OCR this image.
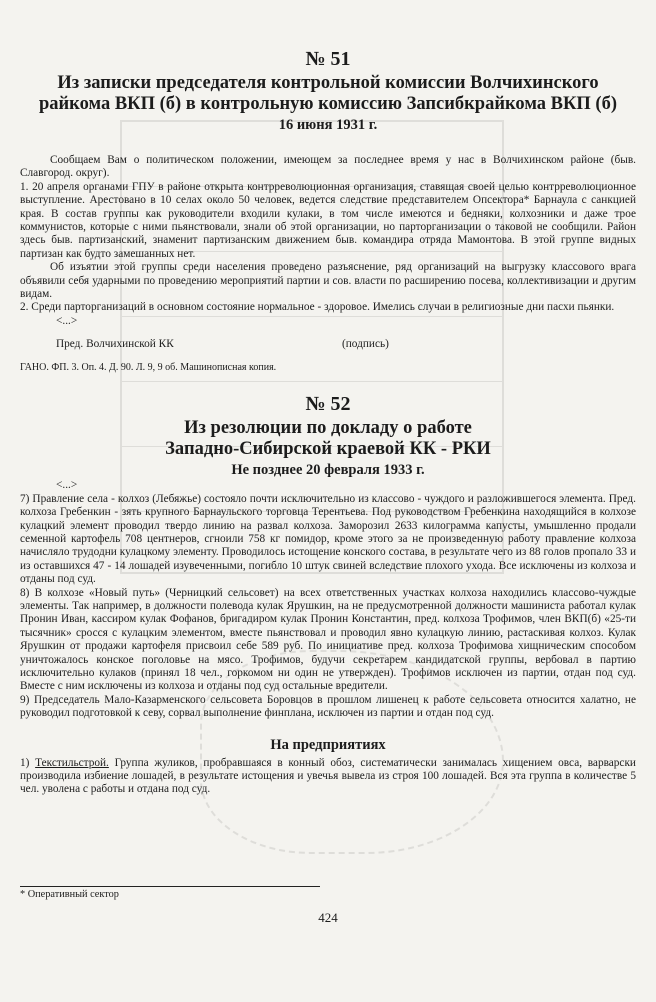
№ 51
Из записки председателя контрольной комиссии Волчихинского
райкома ВКП (б) в контрольную комиссию Запсибкрайкома ВКП (б)
16 июня 1931 г.

Сообщаем Вам о политическом положении, имеющем за последнее время у нас в Волчихинском районе (быв. Славгород. округ).

1. 20 апреля органами ГПУ в районе открыта контрреволюционная организация, ставящая своей целью контрреволюционное выступление. Арестовано в 10 селах около 50 человек, ведется следствие представителем Опсектора* Барнаула с санкцией края. В состав группы как руководители входили кулаки, в том числе имеются и бедняки, колхозники и даже трое коммунистов, которые с ними пьянствовали, знали об этой организации, но парторганизации о таковой не сообщили. Район здесь быв. партизанский, знаменит партизанским движением быв. командира отряда Мамонтова. В этой группе видных партизан как будто замешанных нет.

Об изъятии этой группы среди населения проведено разъяснение, ряд организаций на выгрузку классового врага объявили себя ударными по проведению мероприятий партии и сов. власти по расширению посева, коллективизации и другим видам.

2. Среди парторганизаций в основном состояние нормальное - здоровое. Имелись случаи в религиозные дни пасхи пьянки.

<...>

Пред. Волчихинской КК	(подпись)
ГАНО. ФП. 3. Оп. 4. Д. 90. Л. 9, 9 об. Машинописная копия.
№ 52
Из резолюции по докладу о работе
Западно-Сибирской краевой КК - РКИ
Не позднее 20 февраля 1933 г.

<...>

7) Правление села - колхоз (Лебяжье) состояло почти исключительно из классово - чуждого и разложившегося элемента. Пред. колхоза Гребенкин - зять крупного Барнаульского торговца Терентьева. Под руководством Гребенкина находящийся в колхозе кулацкий элемент проводил твердо линию на развал колхоза. Заморозил 2633 килограмма капусты, умышленно продали семенной картофель 708 центнеров, сгноили 758 кг помидор, кроме этого за не произведенную работу правление колхоза начисляло трудодни кулацкому элементу. Проводилось истощение конского состава, в результате чего из 88 голов пропало 33 и из оставшихся 47 - 14 лошадей изувеченными, погибло 10 штук свиней вследствие плохого ухода. Все исключены из колхоза и отданы под суд.

8) В колхозе «Новый путь» (Черницкий сельсовет) на всех ответственных участках колхоза находились классово-чуждые элементы. Так например, в должности полевода кулак Ярушкин, на не предусмотренной должности машиниста работал кулак Пронин Иван, кассиром кулак Фофанов, бригадиром кулак Пронин Константин, пред. колхоза Трофимов, член ВКП(б) «25-ти тысячник» сросся с кулацким элементом, вместе пьянствовал и проводил явно кулацкую линию, растаскивая колхоз. Кулак Ярушкин от продажи картофеля присвоил себе 589 руб. По инициативе пред. колхоза Трофимова хищническим способом уничтожалось конское поголовье на мясо. Трофимов, будучи секретарем кандидатской группы, вербовал в партию исключительно кулаков (принял 18 чел., горкомом ни один не утвержден). Трофимов исключен из партии, отдан под суд. Вместе с ним исключены из колхоза и отданы под суд остальные вредители.

9) Председатель Мало-Казарменского сельсовета Боровцов в прошлом лишенец к работе сельсовета относится халатно, не руководил подготовкой к севу, сорвал выполнение финплана, исключен из партии и отдан под суд.

На предприятиях

1) Текстильстрой. Группа жуликов, пробравшаяся в конный обоз, систематически занималась хищением овса, варварски производила избиение лошадей, в результате истощения и увечья вывела из строя 100 лошадей. Вся эта группа в количестве 5 чел. уволена с работы и отдана под суд.

* Оперативный сектор
424
